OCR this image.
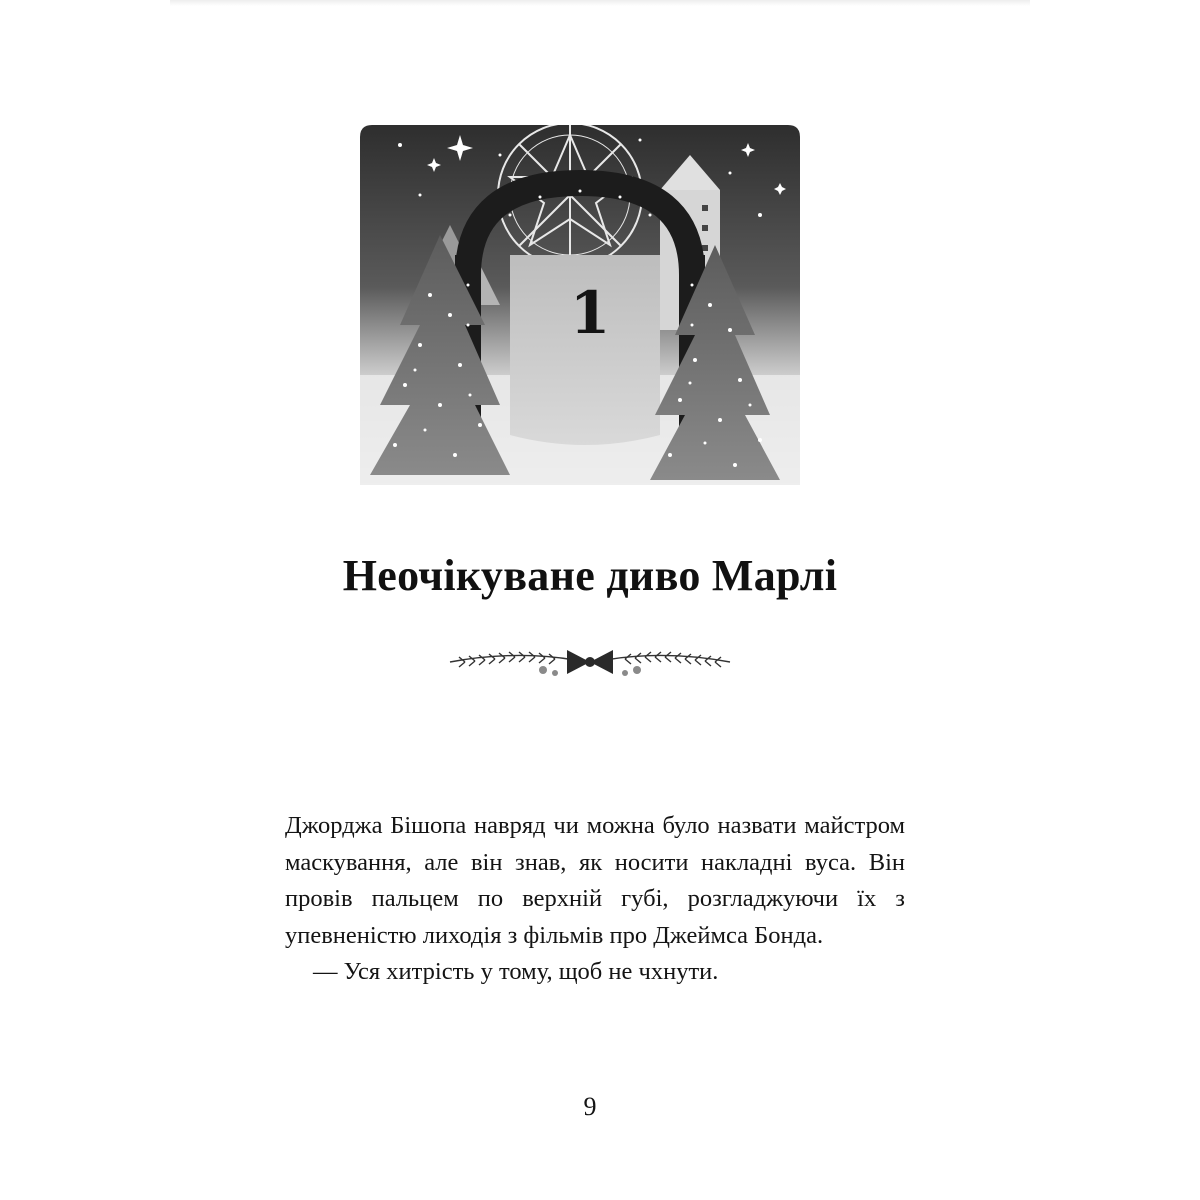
1
Неочікуване диво Марлі

Джорджа Бішопа навряд чи можна було назвати майстром маскування, але він знав, як носити накладні вуса. Він провів пальцем по верхній губі, розгладжуючи їх з упевненістю лиходія з фільмів про Джеймса Бонда.

— Уся хитрість у тому, щоб не чхнути.

9
